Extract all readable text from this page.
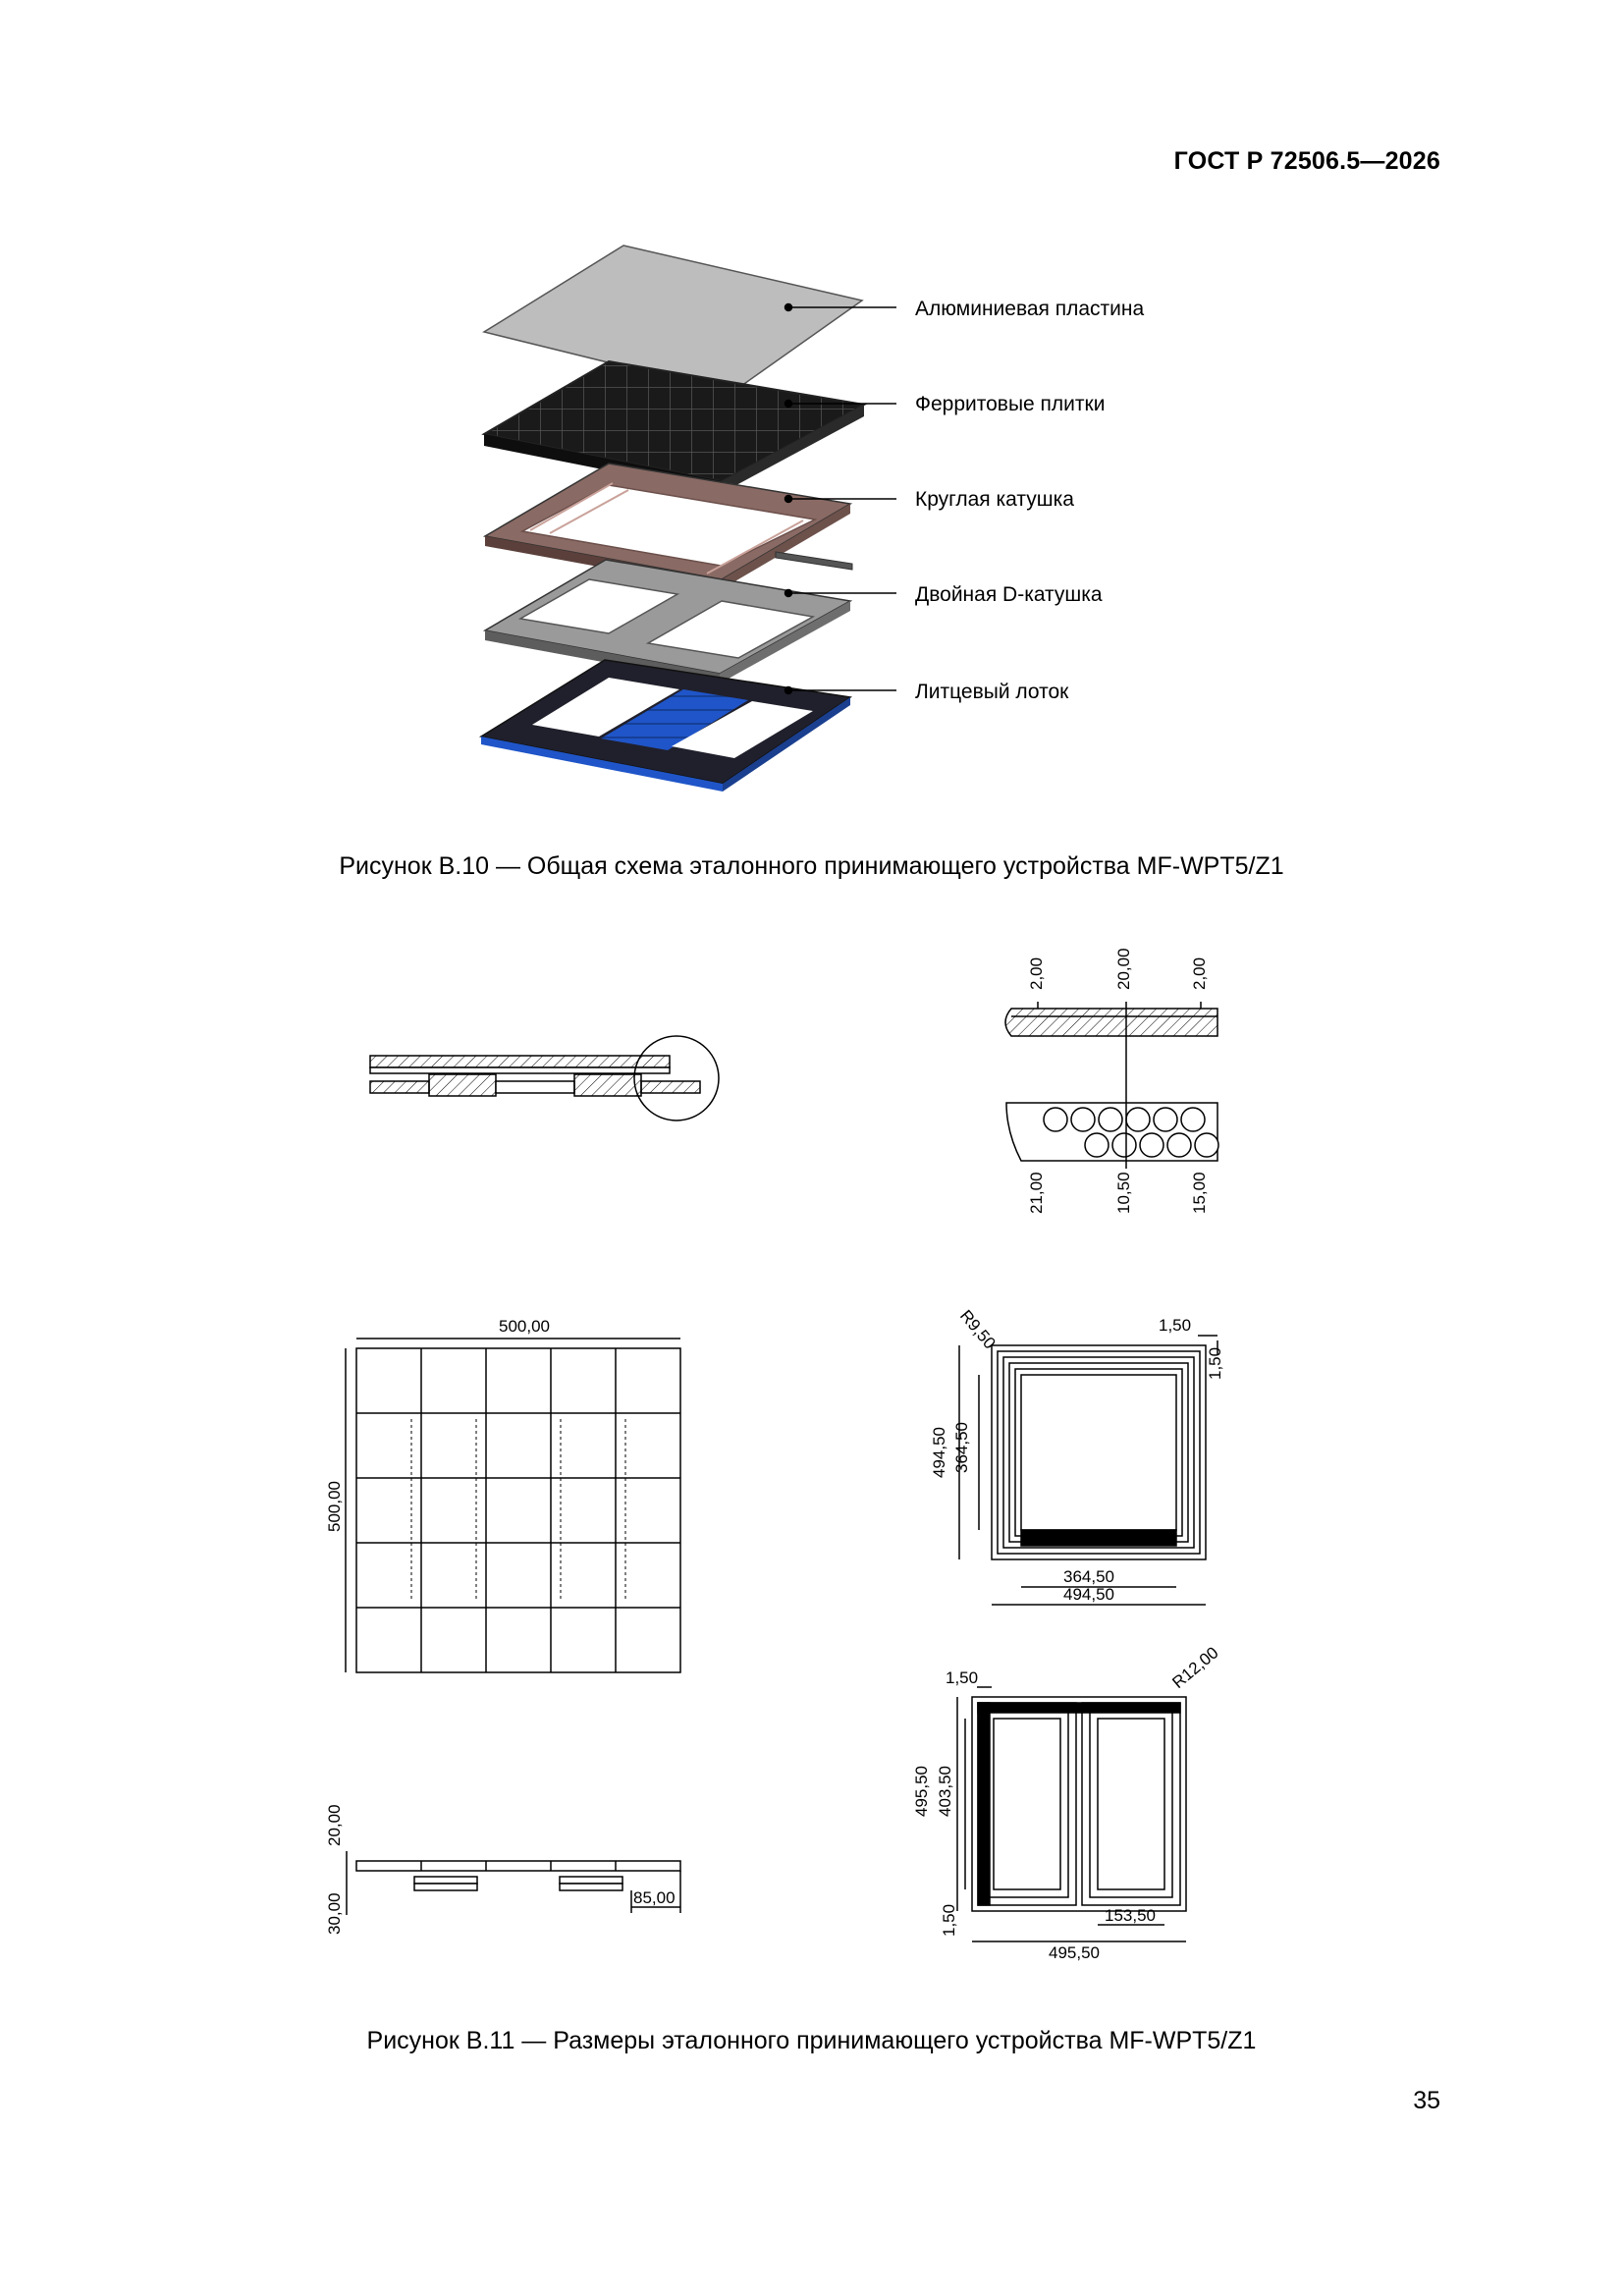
ГОСТ Р 72506.5—2026
Алюминиевая пластина
Ферритовые плитки
Круглая катушка
Двойная D-катушка
Литцевый лоток
Рисунок В.10 — Общая схема эталонного принимающего устройства MF-WPT5/Z1
2,00	20,00	2,00
21,00	10,50	15,00
500,00
500,00
20,00
30,00	85,00
R9,50	1,50
1,50
494,50 364,50
364,50
494,50
1,50	R12,00
495,50 403,50
1,50	153,50
495,50
Рисунок В.11 — Размеры эталонного принимающего устройства MF-WPT5/Z1
35
